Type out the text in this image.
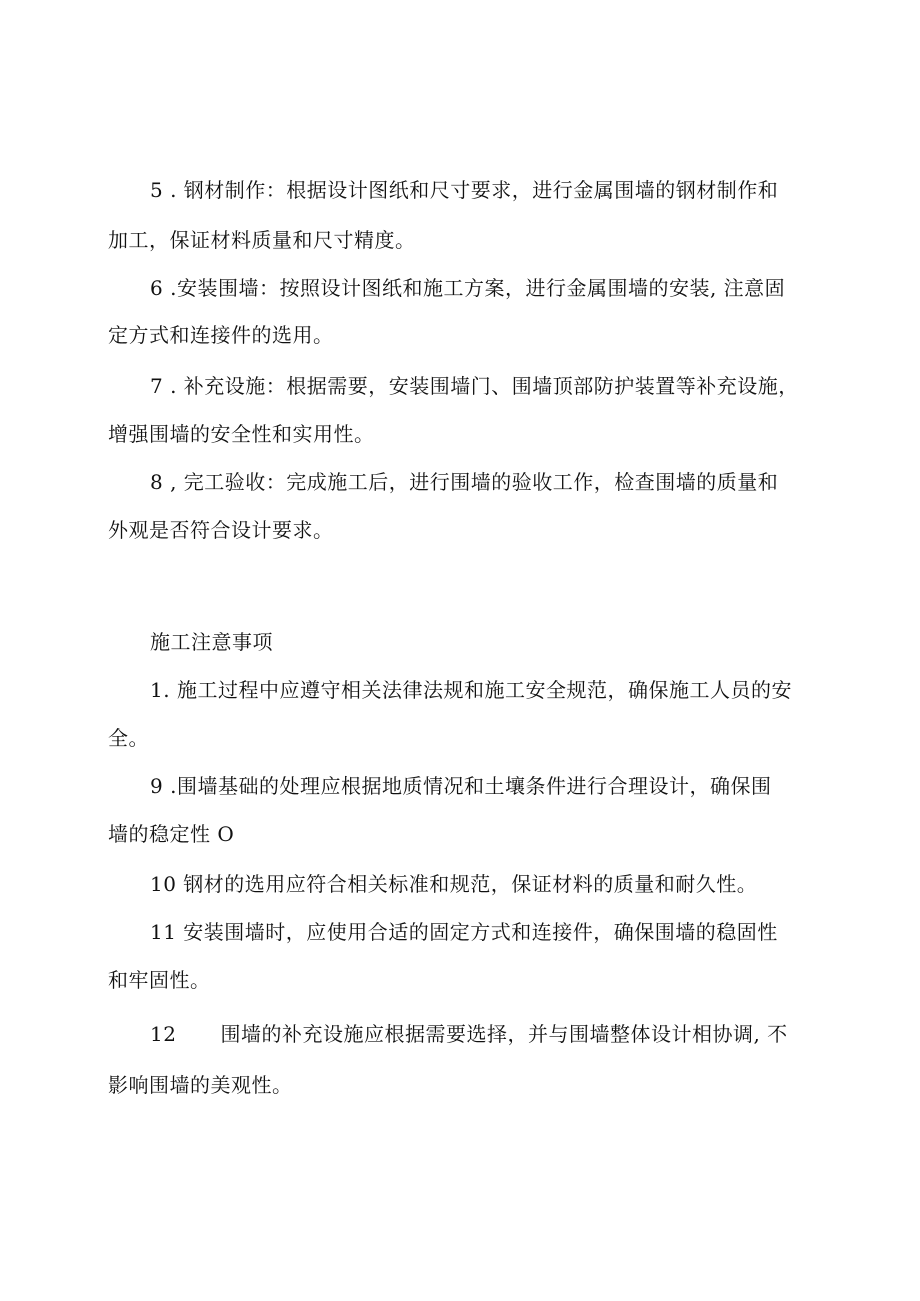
5 . 钢材制作：根据设计图纸和尺寸要求，进行金属围墙的钢材制作和
加工，保证材料质量和尺寸精度。
6 .安装围墙：按照设计图纸和施工方案，进行金属围墙的安装, 注意固
定方式和连接件的选用。
7 . 补充设施：根据需要，安装围墙门、围墙顶部防护装置等补充设施，
增强围墙的安全性和实用性。
8 , 完工验收：完成施工后，进行围墙的验收工作，检查围墙的质量和
外观是否符合设计要求。
施工注意事项
1. 施工过程中应遵守相关法律法规和施工安全规范，确保施工人员的安
全。
9 .围墙基础的处理应根据地质情况和土壤条件进行合理设计，确保围
墙的稳定性 O
10 钢材的选用应符合相关标准和规范，保证材料的质量和耐久性。
11 安装围墙时，应使用合适的固定方式和连接件，确保围墙的稳固性
和牢固性。
12 围墙的补充设施应根据需要选择，并与围墙整体设计相协调, 不
影响围墙的美观性。
